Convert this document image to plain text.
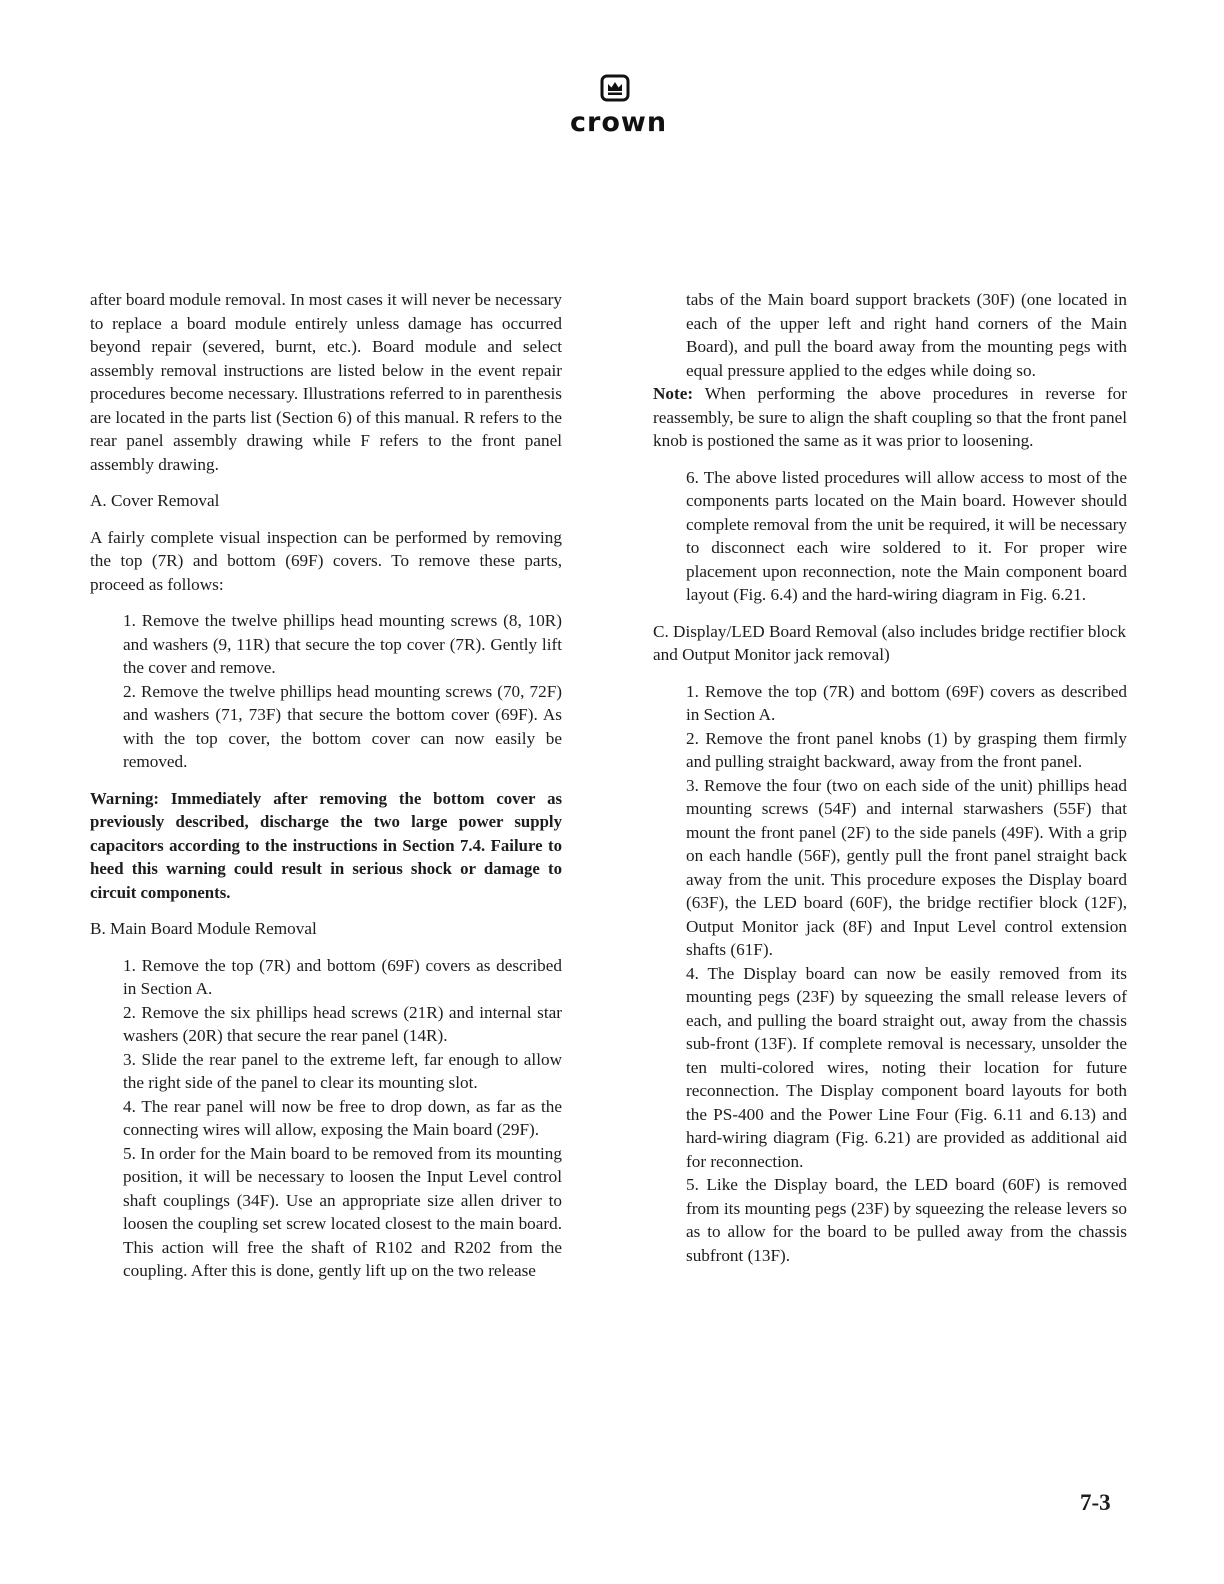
crown

after board module removal. In most cases it will never be necessary to replace a board module entirely unless damage has occurred beyond repair (severed, burnt, etc.). Board module and select assembly removal instructions are listed below in the event repair procedures become necessary. Illustrations referred to in parenthesis are located in the parts list (Section 6) of this manual. R refers to the rear panel assembly drawing while F refers to the front panel assembly drawing.

A. Cover Removal

A fairly complete visual inspection can be performed by removing the top (7R) and bottom (69F) covers. To remove these parts, proceed as follows:

1. Remove the twelve phillips head mounting screws (8, 10R) and washers (9, 11R) that secure the top cover (7R). Gently lift the cover and remove.

2. Remove the twelve phillips head mounting screws (70, 72F) and washers (71, 73F) that secure the bottom cover (69F). As with the top cover, the bottom cover can now easily be removed.

Warning: Immediately after removing the bottom cover as previously described, discharge the two large power supply capacitors according to the instructions in Section 7.4. Failure to heed this warning could result in serious shock or damage to circuit components.

B. Main Board Module Removal

1. Remove the top (7R) and bottom (69F) covers as described in Section A.

2. Remove the six phillips head screws (21R) and internal star washers (20R) that secure the rear panel (14R).

3. Slide the rear panel to the extreme left, far enough to allow the right side of the panel to clear its mounting slot.

4. The rear panel will now be free to drop down, as far as the connecting wires will allow, exposing the Main board (29F).

5. In order for the Main board to be removed from its mounting position, it will be necessary to loosen the Input Level control shaft couplings (34F). Use an appropriate size allen driver to loosen the coupling set screw located closest to the main board. This action will free the shaft of R102 and R202 from the coupling. After this is done, gently lift up on the two release

tabs of the Main board support brackets (30F) (one located in each of the upper left and right hand corners of the Main Board), and pull the board away from the mounting pegs with equal pressure applied to the edges while doing so.

Note: When performing the above procedures in reverse for reassembly, be sure to align the shaft coupling so that the front panel knob is postioned the same as it was prior to loosening.

6. The above listed procedures will allow access to most of the components parts located on the Main board. However should complete removal from the unit be required, it will be necessary to disconnect each wire soldered to it. For proper wire placement upon reconnection, note the Main component board layout (Fig. 6.4) and the hard-wiring diagram in Fig. 6.21.

C. Display/LED Board Removal (also includes bridge rectifier block and Output Monitor jack removal)

1. Remove the top (7R) and bottom (69F) covers as described in Section A.

2. Remove the front panel knobs (1) by grasping them firmly and pulling straight backward, away from the front panel.

3. Remove the four (two on each side of the unit) phillips head mounting screws (54F) and internal starwashers (55F) that mount the front panel (2F) to the side panels (49F). With a grip on each handle (56F), gently pull the front panel straight back away from the unit. This procedure exposes the Display board (63F), the LED board (60F), the bridge rectifier block (12F), Output Monitor jack (8F) and Input Level control extension shafts (61F).

4. The Display board can now be easily removed from its mounting pegs (23F) by squeezing the small release levers of each, and pulling the board straight out, away from the chassis sub-front (13F). If complete removal is necessary, unsolder the ten multi-colored wires, noting their location for future reconnection. The Display component board layouts for both the PS-400 and the Power Line Four (Fig. 6.11 and 6.13) and hard-wiring diagram (Fig. 6.21) are provided as additional aid for reconnection.

5. Like the Display board, the LED board (60F) is removed from its mounting pegs (23F) by squeezing the release levers so as to allow for the board to be pulled away from the chassis subfront (13F).

7-3
